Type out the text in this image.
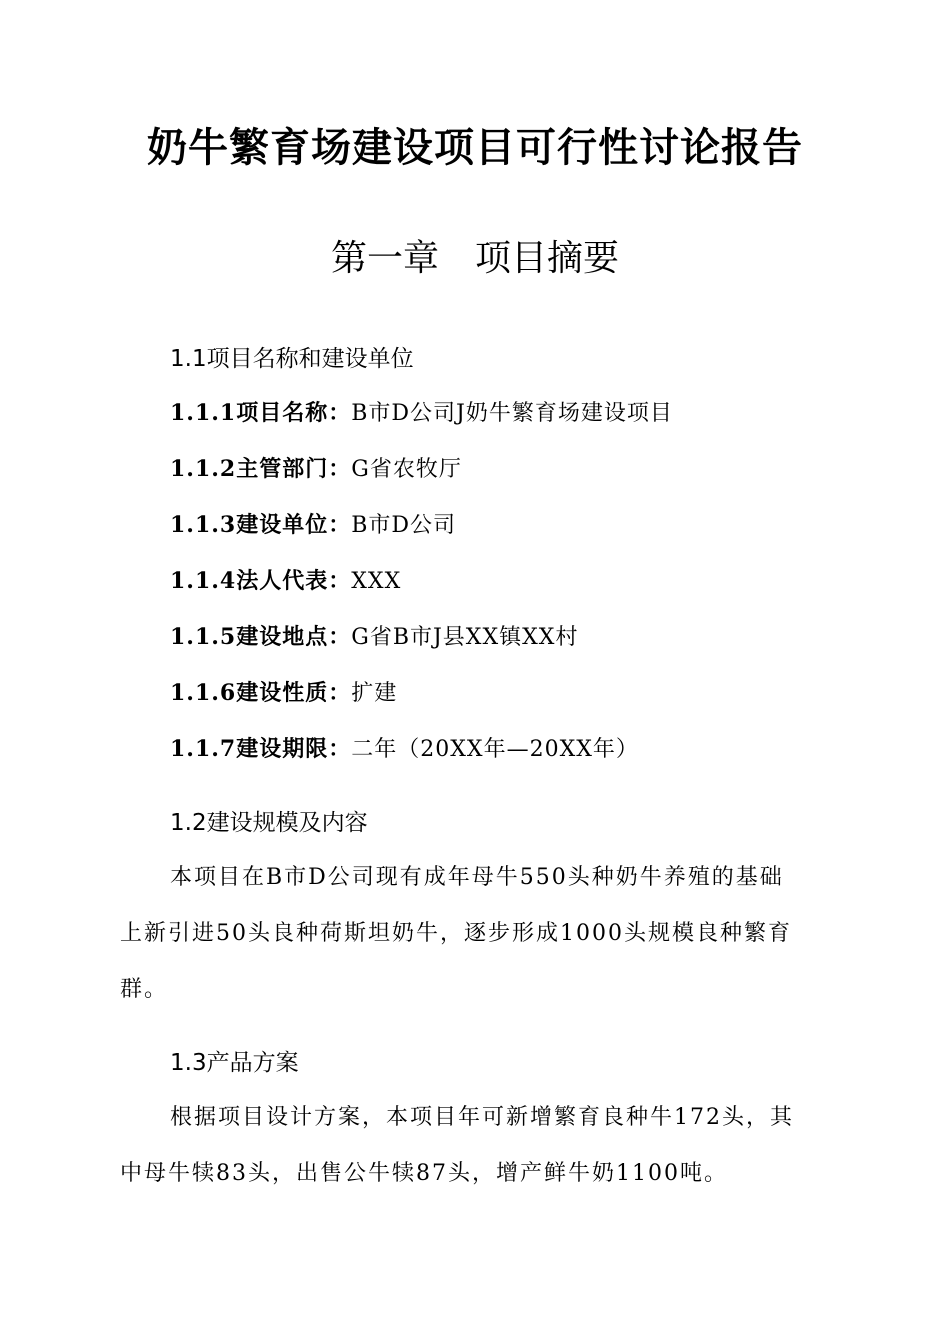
奶牛繁育场建设项目可行性讨论报告
第一章　项目摘要
1.1项目名称和建设单位
1.1.1项目名称：B市D公司J奶牛繁育场建设项目
1.1.2主管部门：G省农牧厅
1.1.3建设单位：B市D公司
1.1.4法人代表：XXX
1.1.5建设地点：G省B市J县XX镇XX村
1.1.6建设性质：扩建
1.1.7建设期限：二年（20XX年—20XX年）
1.2建设规模及内容
本项目在B市D公司现有成年母牛550头种奶牛养殖的基础
上新引进50头良种荷斯坦奶牛，逐步形成1000头规模良种繁育
群。
1.3产品方案
根据项目设计方案，本项目年可新增繁育良种牛172头，其
中母牛犊83头，出售公牛犊87头，增产鲜牛奶1100吨。
